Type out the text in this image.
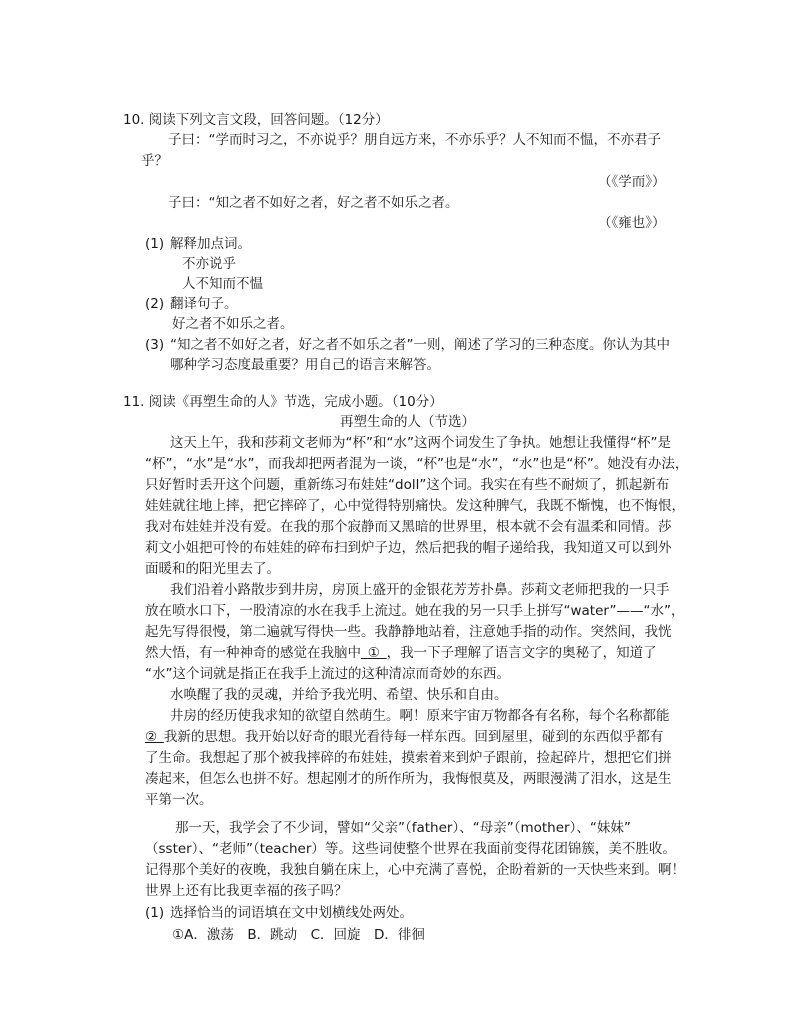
10. 阅读下列文言文段，回答问题。（12分）
子曰：“学而时习之，不亦说乎？朋自远方来，不亦乐乎？人不知而不愠，不亦君子
乎？
（《学而》）
子曰：“知之者不如好之者，好之者不如乐之者。
（《雍也》）
(1) 解释加点词。
不亦说乎
人不知而不愠
(2) 翻译句子。
好之者不如乐之者。
(3) “知之者不如好之者，好之者不如乐之者”一则，阐述了学习的三种态度。你认为其中
哪种学习态度最重要？用自己的语言来解答。
11. 阅读《再塑生命的人》节选，完成小题。（10分）
再塑生命的人（节选）
这天上午，我和莎莉文老师为“杯”和“水”这两个词发生了争执。她想让我懂得“杯”是
“杯”，“水”是“水”，而我却把两者混为一谈，“杯”也是“水”，“水”也是“杯”。她没有办法，
只好暂时丢开这个问题，重新练习布娃娃“doll”这个词。我实在有些不耐烦了，抓起新布
娃娃就往地上摔，把它摔碎了，心中觉得特别痛快。发这种脾气，我既不惭愧，也不悔恨，
我对布娃娃并没有爱。在我的那个寂静而又黑暗的世界里，根本就不会有温柔和同情。莎
莉文小姐把可怜的布娃娃的碎布扫到炉子边，然后把我的帽子递给我，我知道又可以到外
面暖和的阳光里去了。
我们沿着小路散步到井房，房顶上盛开的金银花芳芳扑鼻。莎莉文老师把我的一只手
放在喷水口下，一股清凉的水在我手上流过。她在我的另一只手上拼写“water”——“水”，
起先写得很慢，第二遍就写得快一些。我静静地站着，注意她手指的动作。突然间，我恍
然大悟，有一种神奇的感觉在我脑中  ①  ，我一下子理解了语言文字的奥秘了，知道了
“水”这个词就是指正在我手上流过的这种清凉而奇妙的东西。
水唤醒了我的灵魂，并给予我光明、希望、快乐和自由。
井房的经历使我求知的欲望自然萌生。啊！原来宇宙万物都各有名称，每个名称都能
②  我新的思想。我开始以好奇的眼光看待每一样东西。回到屋里，碰到的东西似乎都有
了生命。我想起了那个被我摔碎的布娃娃，摸索着来到炉子跟前，捡起碎片，想把它们拼
凑起来，但怎么也拼不好。想起刚才的所作所为，我悔恨莫及，两眼漫满了泪水，这是生
平第一次。
那一天，我学会了不少词，譬如“父亲”（father）、“母亲”（mother）、“妹妹”
（sster）、“老师”（teacher）等。这些词使整个世界在我面前变得花团锦簇，美不胜收。
记得那个美好的夜晚，我独自躺在床上，心中充满了喜悦，企盼着新的一天快些来到。啊！
世界上还有比我更幸福的孩子吗？
(1) 选择恰当的词语填在文中划横线处两处。
①A．激荡　B．跳动　C．回旋　D．徘徊
